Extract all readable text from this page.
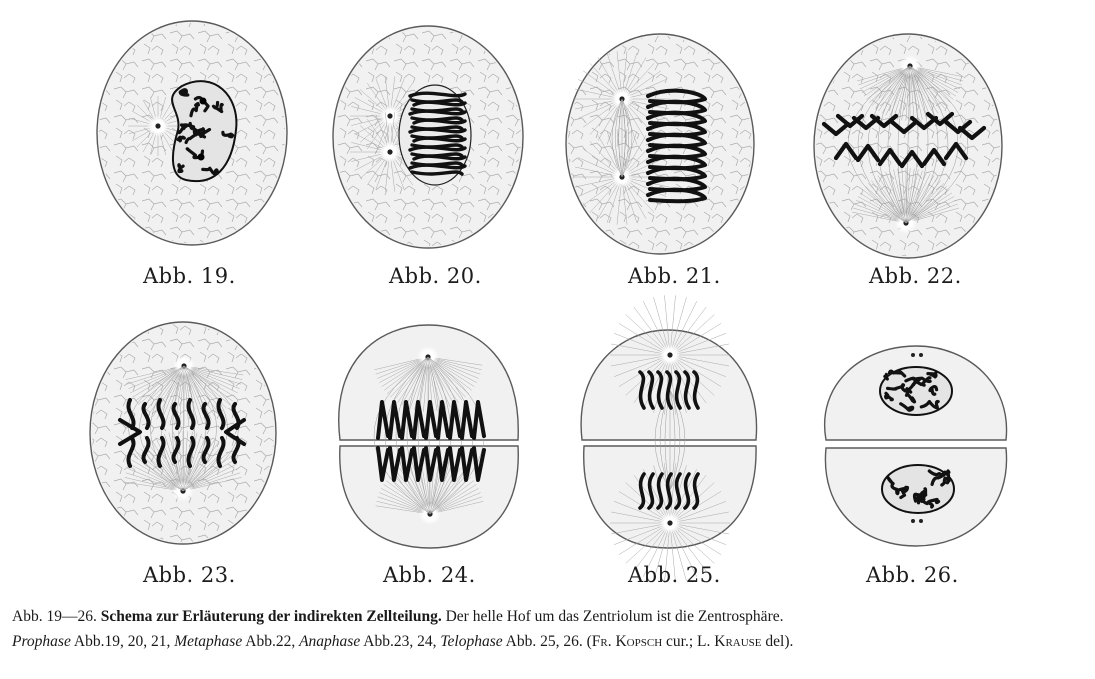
Abb. 19.	Abb. 20.	Abb. 21.	Abb. 22.
Abb. 23.	Abb. 24.	Abb. 25.	Abb. 26.
Abb. 19—26. Schema zur Erläuterung der indirekten Zellteilung. Der helle Hof um das Zentriolum ist die Zentrosphäre.
Prophase Abb.19, 20, 21, Metaphase Abb.22, Anaphase Abb.23, 24, Telophase Abb. 25, 26. (Fr. Kopsch cur.; L. Krause del).
